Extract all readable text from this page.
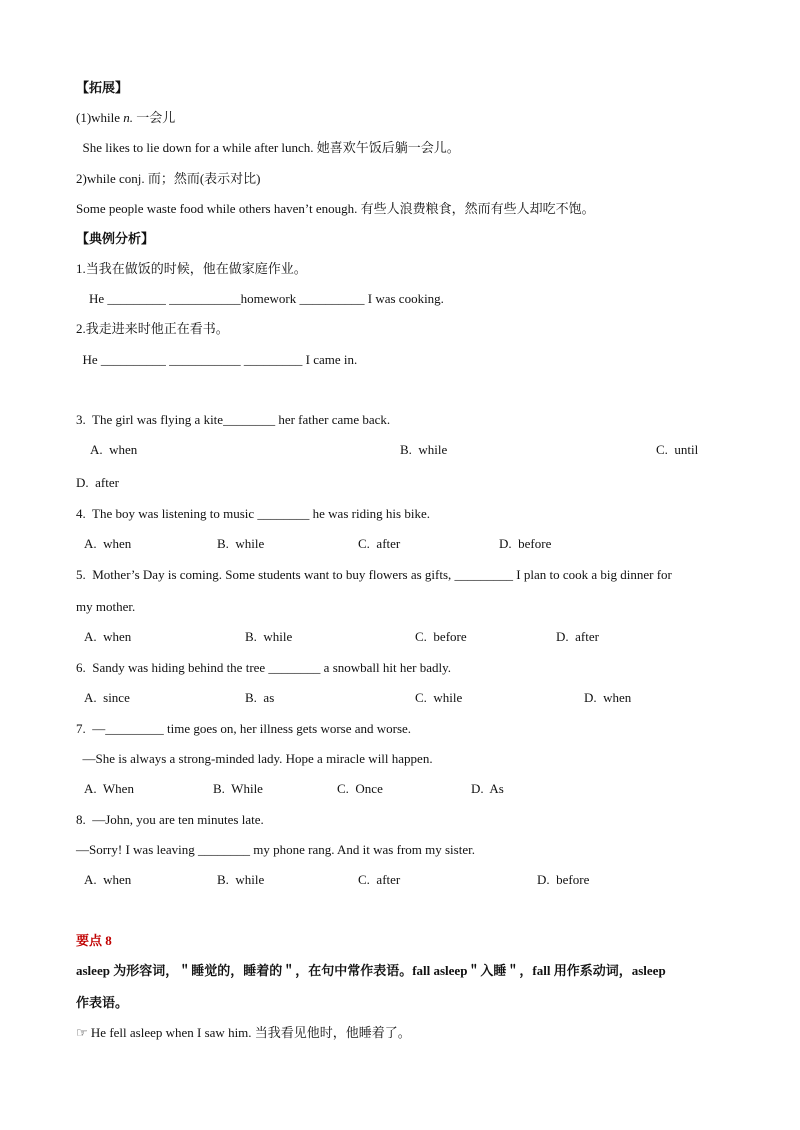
【拓展】
(1)while n. 一会儿
She likes to lie down for a while after lunch. 她喜欢午饭后躺一会儿。
2)while conj. 而；然而(表示对比)
Some people waste food while others haven’t enough. 有些人浪费粮食，然而有些人却吃不饱。
【典例分析】
1.当我在做饭的时候，他在做家庭作业。
He _________ ___________homework __________ I was cooking.
2.我走进来时他正在看书。
He __________ ___________ _________ I came in.
3.  The girl was flying a kite________ her father came back.
A.  when	B.  while	C.  until
D.  after
4.  The boy was listening to music ________ he was riding his bike.
A.  when	B.  while	C.  after	D.  before
5.  Mother’s Day is coming. Some students want to buy flowers as gifts, _________ I plan to cook a big dinner for
my mother.
A.  when	B.  while	C.  before	D.  after
6.  Sandy was hiding behind the tree ________ a snowball hit her badly.
A.  since	B.  as	C.  while	D.  when
7.  —_________ time goes on, her illness gets worse and worse.
—She is always a strong-minded lady. Hope a miracle will happen.
A.  When	B.  While	C.  Once	D.  As
8.  —John, you are ten minutes late.
—Sorry! I was leaving ________ my phone rang. And it was from my sister.
A.  when	B.  while	C.  after	D.  before
要点 8
asleep 为形容词，＂睡觉的，睡着的＂，在句中常作表语。fall asleep＂入睡＂，fall 用作系动词，asleep
作表语。
☞ He fell asleep when I saw him. 当我看见他时，他睡着了。
